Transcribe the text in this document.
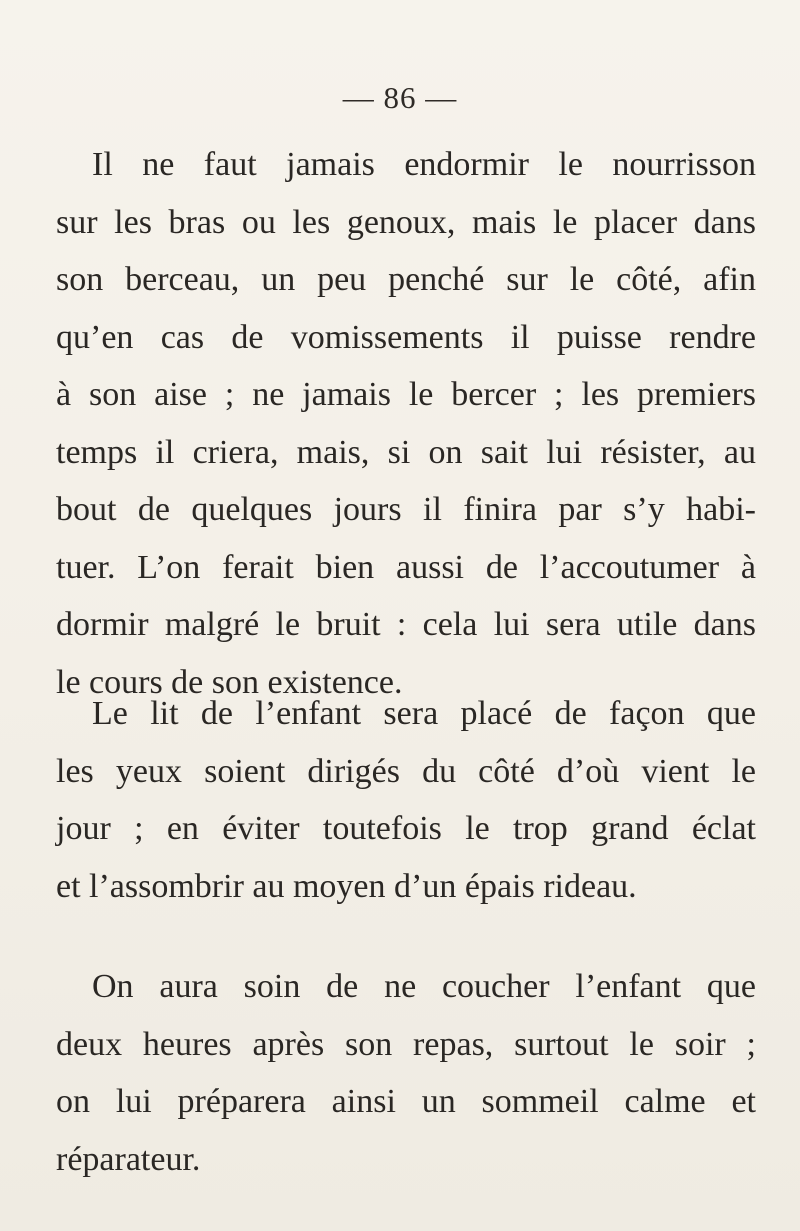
— 86 —
Il ne faut jamais endormir le nourrisson
sur les bras ou les genoux, mais le placer dans
son berceau, un peu penché sur le côté, afin
qu’en cas de vomissements il puisse rendre
à son aise ; ne jamais le bercer ; les premiers
temps il criera, mais, si on sait lui résister, au
bout de quelques jours il finira par s’y habi-
tuer. L’on ferait bien aussi de l’accoutumer à
dormir malgré le bruit : cela lui sera utile dans
le cours de son existence.
Le lit de l’enfant sera placé de façon que
les yeux soient dirigés du côté d’où vient le
jour ; en éviter toutefois le trop grand éclat
et l’assombrir au moyen d’un épais rideau.
On aura soin de ne coucher l’enfant que
deux heures après son repas, surtout le soir ;
on lui préparera ainsi un sommeil calme et
réparateur.
